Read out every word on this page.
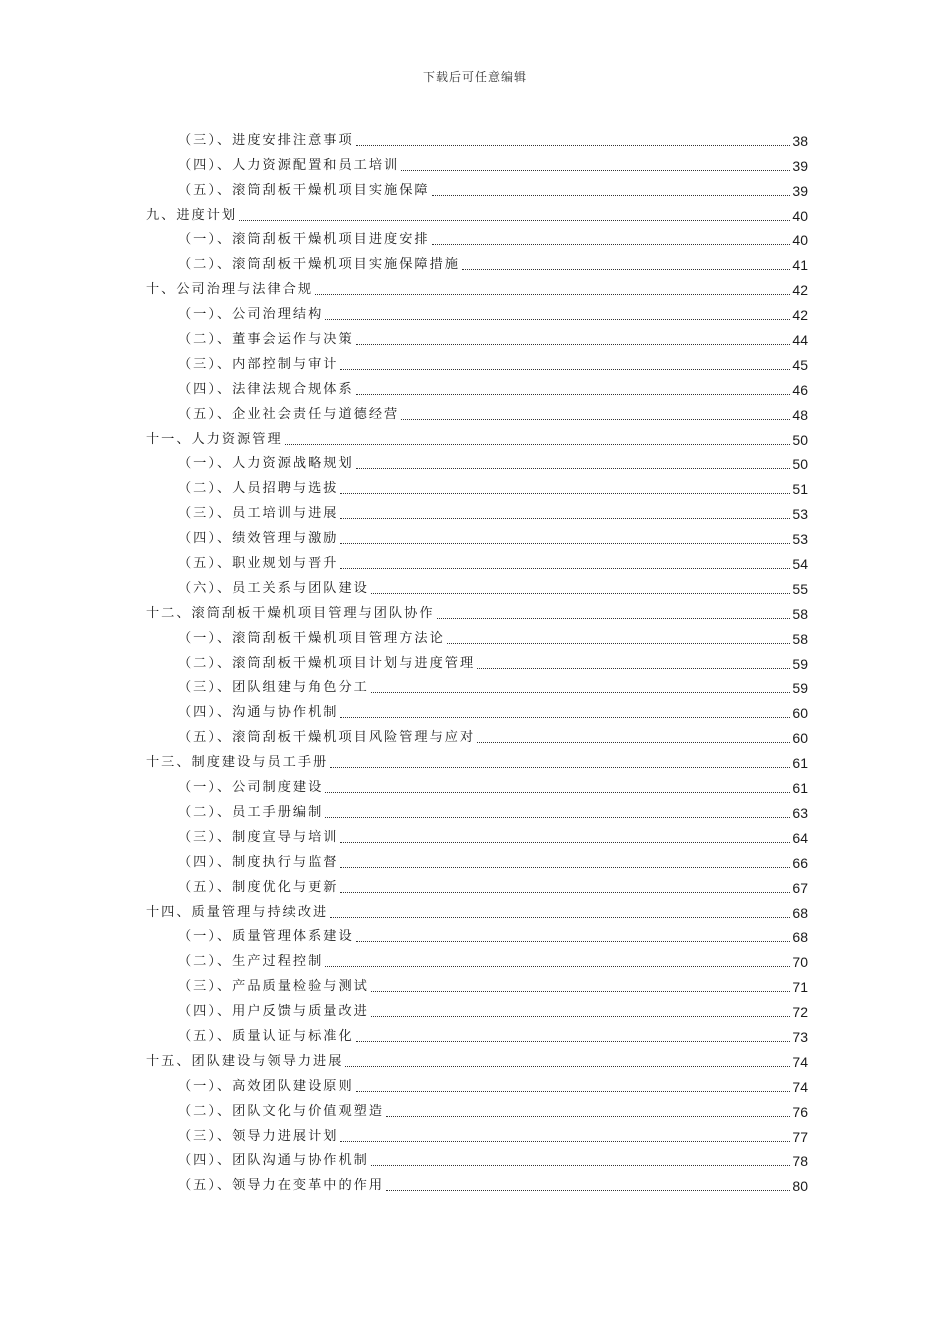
下载后可任意编辑
（三）、进度安排注意事项	38
（四）、人力资源配置和员工培训	39
（五）、滚筒刮板干燥机项目实施保障	39
九、进度计划	40
（一）、滚筒刮板干燥机项目进度安排	40
（二）、滚筒刮板干燥机项目实施保障措施	41
十、公司治理与法律合规	42
（一）、公司治理结构	42
（二）、董事会运作与决策	44
（三）、内部控制与审计	45
（四）、法律法规合规体系	46
（五）、企业社会责任与道德经营	48
十一、人力资源管理	50
（一）、人力资源战略规划	50
（二）、人员招聘与选拔	51
（三）、员工培训与进展	53
（四）、绩效管理与激励	53
（五）、职业规划与晋升	54
（六）、员工关系与团队建设	55
十二、滚筒刮板干燥机项目管理与团队协作	58
（一）、滚筒刮板干燥机项目管理方法论	58
（二）、滚筒刮板干燥机项目计划与进度管理	59
（三）、团队组建与角色分工	59
（四）、沟通与协作机制	60
（五）、滚筒刮板干燥机项目风险管理与应对	60
十三、制度建设与员工手册	61
（一）、公司制度建设	61
（二）、员工手册编制	63
（三）、制度宣导与培训	64
（四）、制度执行与监督	66
（五）、制度优化与更新	67
十四、质量管理与持续改进	68
（一）、质量管理体系建设	68
（二）、生产过程控制	70
（三）、产品质量检验与测试	71
（四）、用户反馈与质量改进	72
（五）、质量认证与标准化	73
十五、团队建设与领导力进展	74
（一）、高效团队建设原则	74
（二）、团队文化与价值观塑造	76
（三）、领导力进展计划	77
（四）、团队沟通与协作机制	78
（五）、领导力在变革中的作用	80
